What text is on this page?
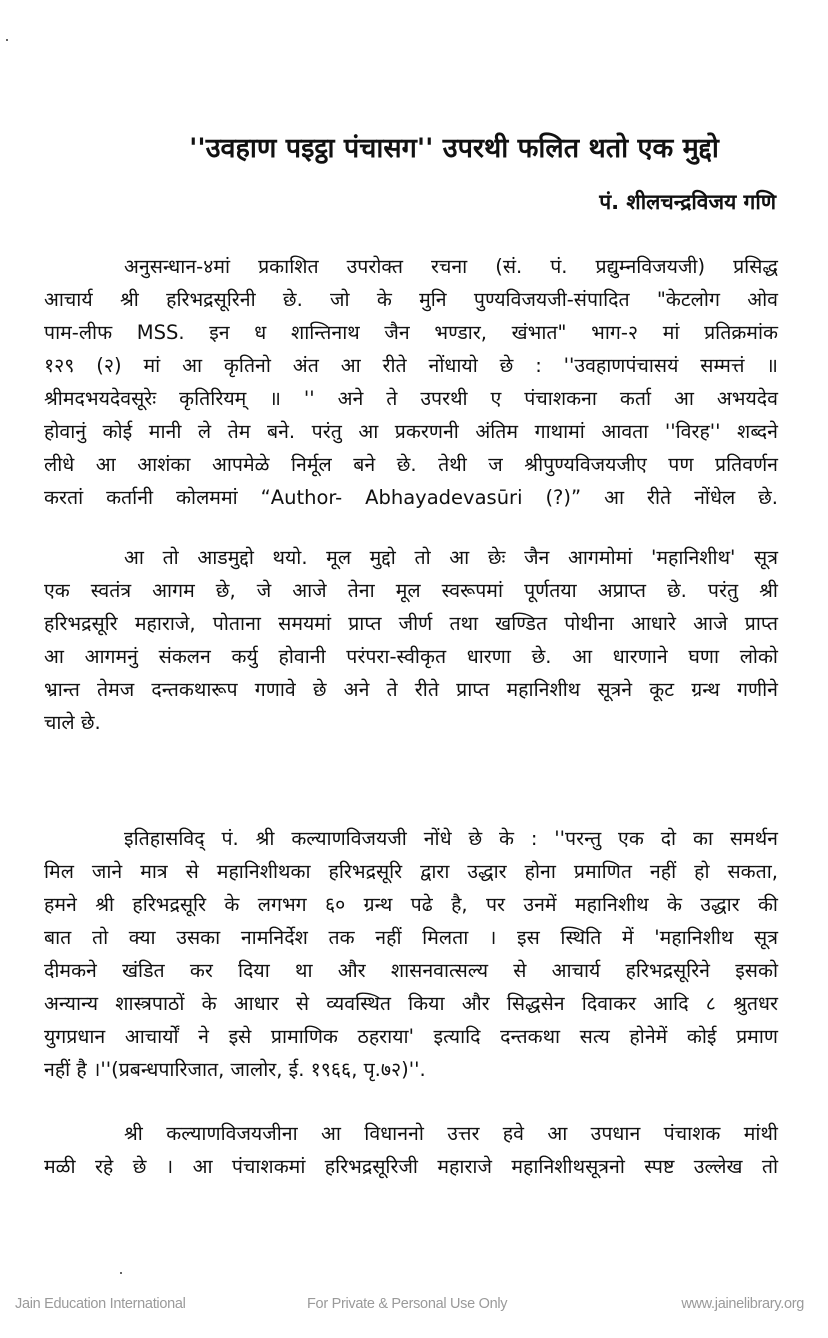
''उवहाण पइट्ठा पंचासग'' उपरथी फलित थतो एक मुद्दो
पं. शीलचन्द्रविजय गणि
अनुसन्धान-४मां प्रकाशित उपरोक्त रचना (सं. पं. प्रद्युम्नविजयजी) प्रसिद्ध
आचार्य श्री हरिभद्रसूरिनी छे. जो के मुनि पुण्यविजयजी-संपादित "केटलोग ओव
पाम-लीफ MSS. इन ध शान्तिनाथ जैन भण्डार, खंभात" भाग-२ मां प्रतिक्रमांक
१२९ (२) मां आ कृतिनो अंत आ रीते नोंधायो छे : ''उवहाणपंचासयं सम्मत्तं ॥
श्रीमदभयदेवसूरेः कृतिरियम् ॥ '' अने ते उपरथी ए पंचाशकना कर्ता आ अभयदेव
होवानुं कोई मानी ले तेम बने. परंतु आ प्रकरणनी अंतिम गाथामां आवता ''विरह'' शब्दने
लीधे आ आशंका आपमेळे निर्मूल बने छे. तेथी ज श्रीपुण्यविजयजीए पण प्रतिवर्णन
करतां कर्तानी कोलममां “Author- Abhayadevasūri (?)” आ रीते नोंधेल छे.
आ तो आडमुद्दो थयो. मूल मुद्दो तो आ छेः जैन आगमोमां 'महानिशीथ' सूत्र
एक स्वतंत्र आगम छे, जे आजे तेना मूल स्वरूपमां पूर्णतया अप्राप्त छे. परंतु श्री
हरिभद्रसूरि महाराजे, पोताना समयमां प्राप्त जीर्ण तथा खण्डित पोथीना आधारे आजे प्राप्त
आ आगमनुं संकलन कर्यु होवानी परंपरा-स्वीकृत धारणा छे. आ धारणाने घणा लोको
भ्रान्त तेमज दन्तकथारूप गणावे छे अने ते रीते प्राप्त महानिशीथ सूत्रने कूट ग्रन्थ गणीने
चाले छे.
इतिहासविद् पं. श्री कल्याणविजयजी नोंधे छे के : ''परन्तु एक दो का समर्थन
मिल जाने मात्र से महानिशीथका हरिभद्रसूरि द्वारा उद्धार होना प्रमाणित नहीं हो सकता,
हमने श्री हरिभद्रसूरि के लगभग ६० ग्रन्थ पढे है, पर उनमें महानिशीथ के उद्धार की
बात तो क्या उसका नामनिर्देश तक नहीं मिलता । इस स्थिति में 'महानिशीथ सूत्र
दीमकने खंडित कर दिया था और शासनवात्सल्य से आचार्य हरिभद्रसूरिने इसको
अन्यान्य शास्त्रपाठों के आधार से व्यवस्थित किया और सिद्धसेन दिवाकर आदि ८ श्रुतधर
युगप्रधान आचार्यों ने इसे प्रामाणिक ठहराया' इत्यादि दन्तकथा सत्य होनेमें कोई प्रमाण
नहीं है ।''(प्रबन्धपारिजात, जालोर, ई. १९६६, पृ.७२)''.
श्री कल्याणविजयजीना आ विधाननो उत्तर हवे आ उपधान पंचाशक मांथी
मळी रहे छे । आ पंचाशकमां हरिभद्रसूरिजी महाराजे महानिशीथसूत्रनो स्पष्ट उल्लेख तो
Jain Education International	For Private & Personal Use Only	www.jainelibrary.org
